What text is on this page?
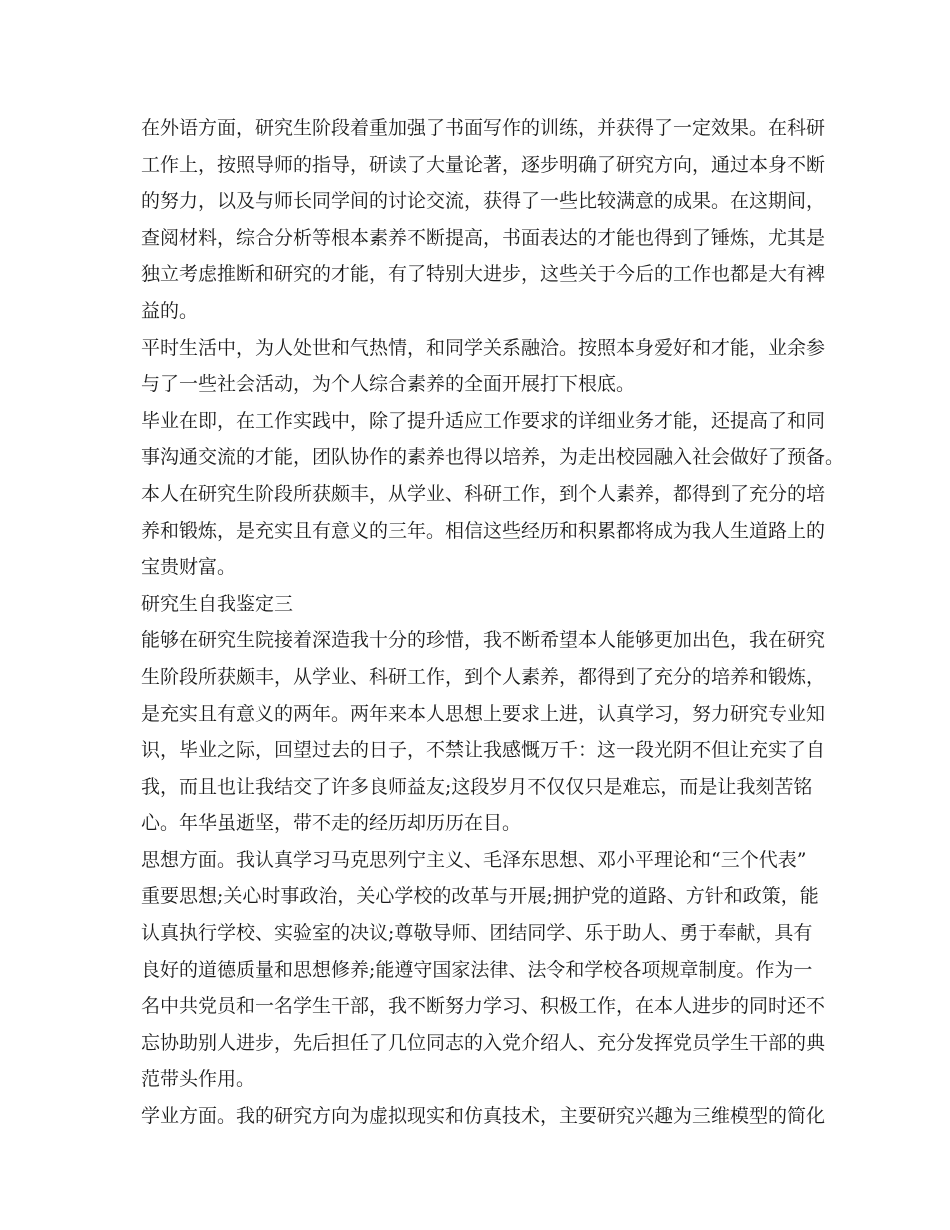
在外语方面，研究生阶段着重加强了书面写作的训练，并获得了一定效果。在科研
工作上，按照导师的指导，研读了大量论著，逐步明确了研究方向，通过本身不断
的努力，以及与师长同学间的讨论交流，获得了一些比较满意的成果。在这期间，
查阅材料，综合分析等根本素养不断提高，书面表达的才能也得到了锤炼，尤其是
独立考虑推断和研究的才能，有了特别大进步，这些关于今后的工作也都是大有裨
益的。
平时生活中，为人处世和气热情，和同学关系融洽。按照本身爱好和才能，业余参
与了一些社会活动，为个人综合素养的全面开展打下根底。
毕业在即，在工作实践中，除了提升适应工作要求的详细业务才能，还提高了和同
事沟通交流的才能，团队协作的素养也得以培养，为走出校园融入社会做好了预备。
本人在研究生阶段所获颇丰，从学业、科研工作，到个人素养，都得到了充分的培
养和锻炼，是充实且有意义的三年。相信这些经历和积累都将成为我人生道路上的
宝贵财富。
研究生自我鉴定三
能够在研究生院接着深造我十分的珍惜，我不断希望本人能够更加出色，我在研究
生阶段所获颇丰，从学业、科研工作，到个人素养，都得到了充分的培养和锻炼，
是充实且有意义的两年。两年来本人思想上要求上进，认真学习，努力研究专业知
识，毕业之际，回望过去的日子，不禁让我感慨万千：这一段光阴不但让充实了自
我，而且也让我结交了许多良师益友;这段岁月不仅仅只是难忘，而是让我刻苦铭
心。年华虽逝坚，带不走的经历却历历在目。
思想方面。我认真学习马克思列宁主义、毛泽东思想、邓小平理论和“三个代表”
重要思想;关心时事政治，关心学校的改革与开展;拥护党的道路、方针和政策，能
认真执行学校、实验室的决议;尊敬导师、团结同学、乐于助人、勇于奉献，具有
良好的道德质量和思想修养;能遵守国家法律、法令和学校各项规章制度。作为一
名中共党员和一名学生干部，我不断努力学习、积极工作，在本人进步的同时还不
忘协助别人进步，先后担任了几位同志的入党介绍人、充分发挥党员学生干部的典
范带头作用。
学业方面。我的研究方向为虚拟现实和仿真技术，主要研究兴趣为三维模型的简化
